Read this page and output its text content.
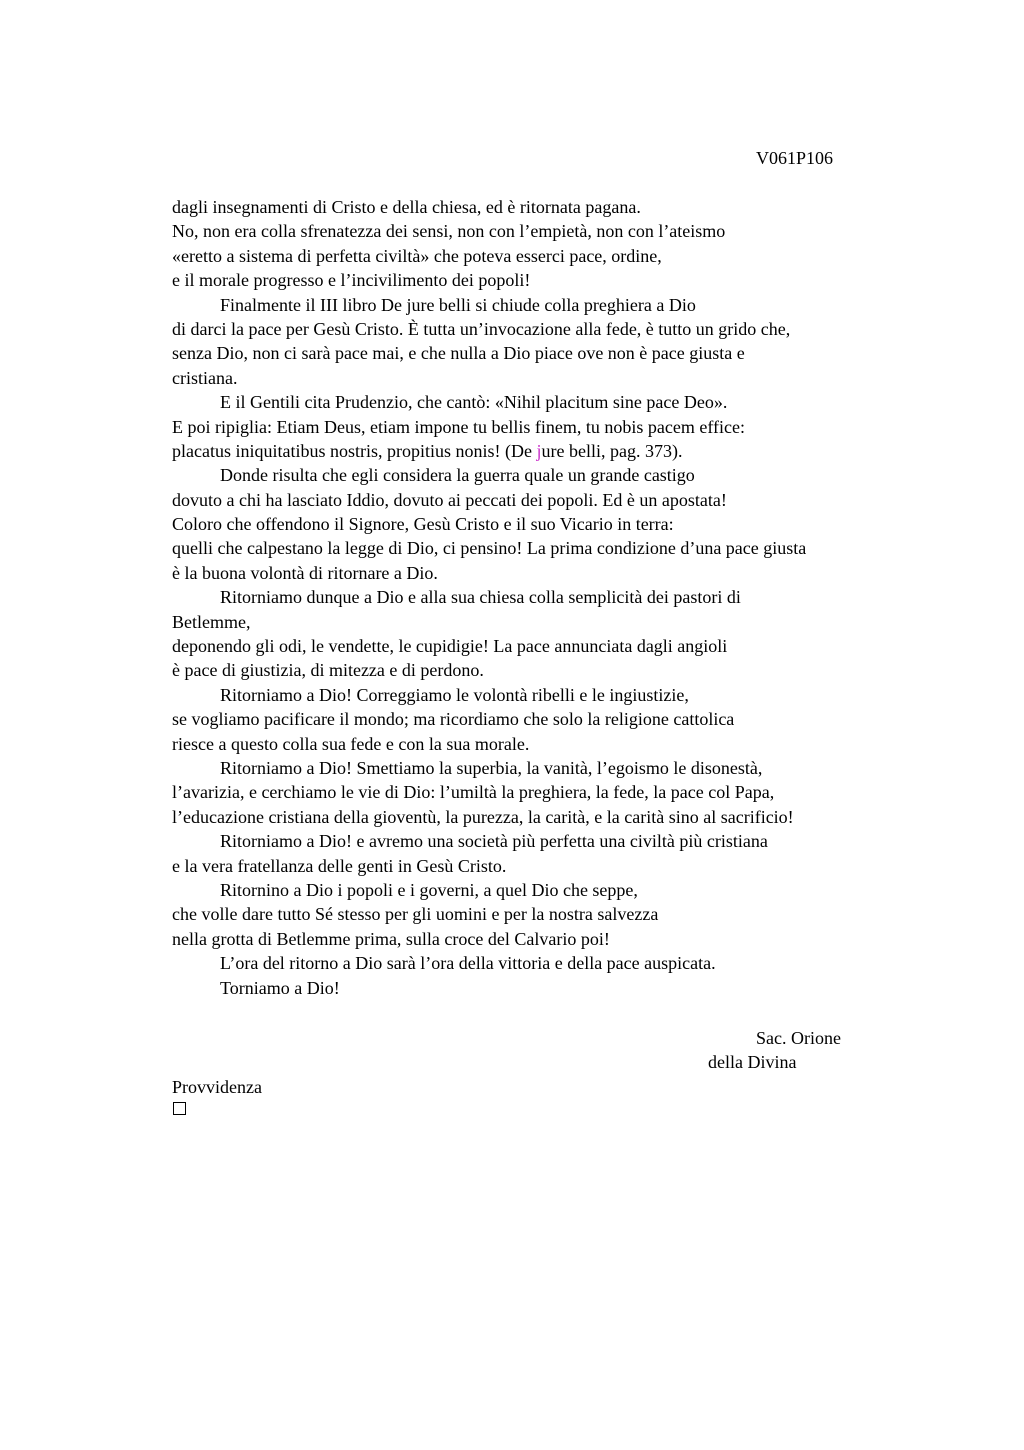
V061P106
dagli insegnamenti di Cristo e della chiesa, ed è ritornata pagana.
No, non era colla sfrenatezza dei sensi, non con l’empietà, non con l’ateismo
«eretto a sistema di perfetta civiltà» che poteva esserci pace, ordine,
e il morale progresso e l’incivilimento dei popoli!
Finalmente il III libro De jure belli si chiude colla preghiera a Dio
di darci la pace per Gesù Cristo. È tutta un’invocazione alla fede, è tutto un grido che,
senza Dio, non ci sarà pace mai, e che nulla a Dio piace ove non è pace giusta e
cristiana.
E il Gentili cita Prudenzio, che cantò: «Nihil placitum sine pace Deo».
E poi ripiglia: Etiam Deus, etiam impone tu bellis finem, tu nobis pacem effice:
placatus iniquitatibus nostris, propitius nonis! (De jure belli, pag. 373).
Donde risulta che egli considera la guerra quale un grande castigo
dovuto a chi ha lasciato Iddio, dovuto ai peccati dei popoli. Ed è un apostata!
Coloro che offendono il Signore, Gesù Cristo e il suo Vicario in terra:
quelli che calpestano la legge di Dio, ci pensino! La prima condizione d’una pace giusta
è la buona volontà di ritornare a Dio.
Ritorniamo dunque a Dio e alla sua chiesa colla semplicità dei pastori di
Betlemme,
deponendo gli odi, le vendette, le cupidigie! La pace annunciata dagli angioli
è pace di giustizia, di mitezza e di perdono.
Ritorniamo a Dio! Correggiamo le volontà ribelli e le ingiustizie,
se vogliamo pacificare il mondo; ma ricordiamo che solo la religione cattolica
riesce a questo colla sua fede e con la sua morale.
Ritorniamo a Dio! Smettiamo la superbia, la vanità, l’egoismo le disonestà,
l’avarizia, e cerchiamo le vie di Dio: l’umiltà la preghiera, la fede, la pace col Papa,
l’educazione cristiana della gioventù, la purezza, la carità, e la carità sino al sacrificio!
Ritorniamo a Dio! e avremo una società più perfetta una civiltà più cristiana
e la vera fratellanza delle genti in Gesù Cristo.
Ritornino a Dio i popoli e i governi, a quel Dio che seppe,
che volle dare tutto Sé stesso per gli uomini e per la nostra salvezza
nella grotta di Betlemme prima, sulla croce del Calvario poi!
L’ora del ritorno a Dio sarà l’ora della vittoria e della pace auspicata.
Torniamo a Dio!
Sac. Orione
della Divina
Provvidenza
